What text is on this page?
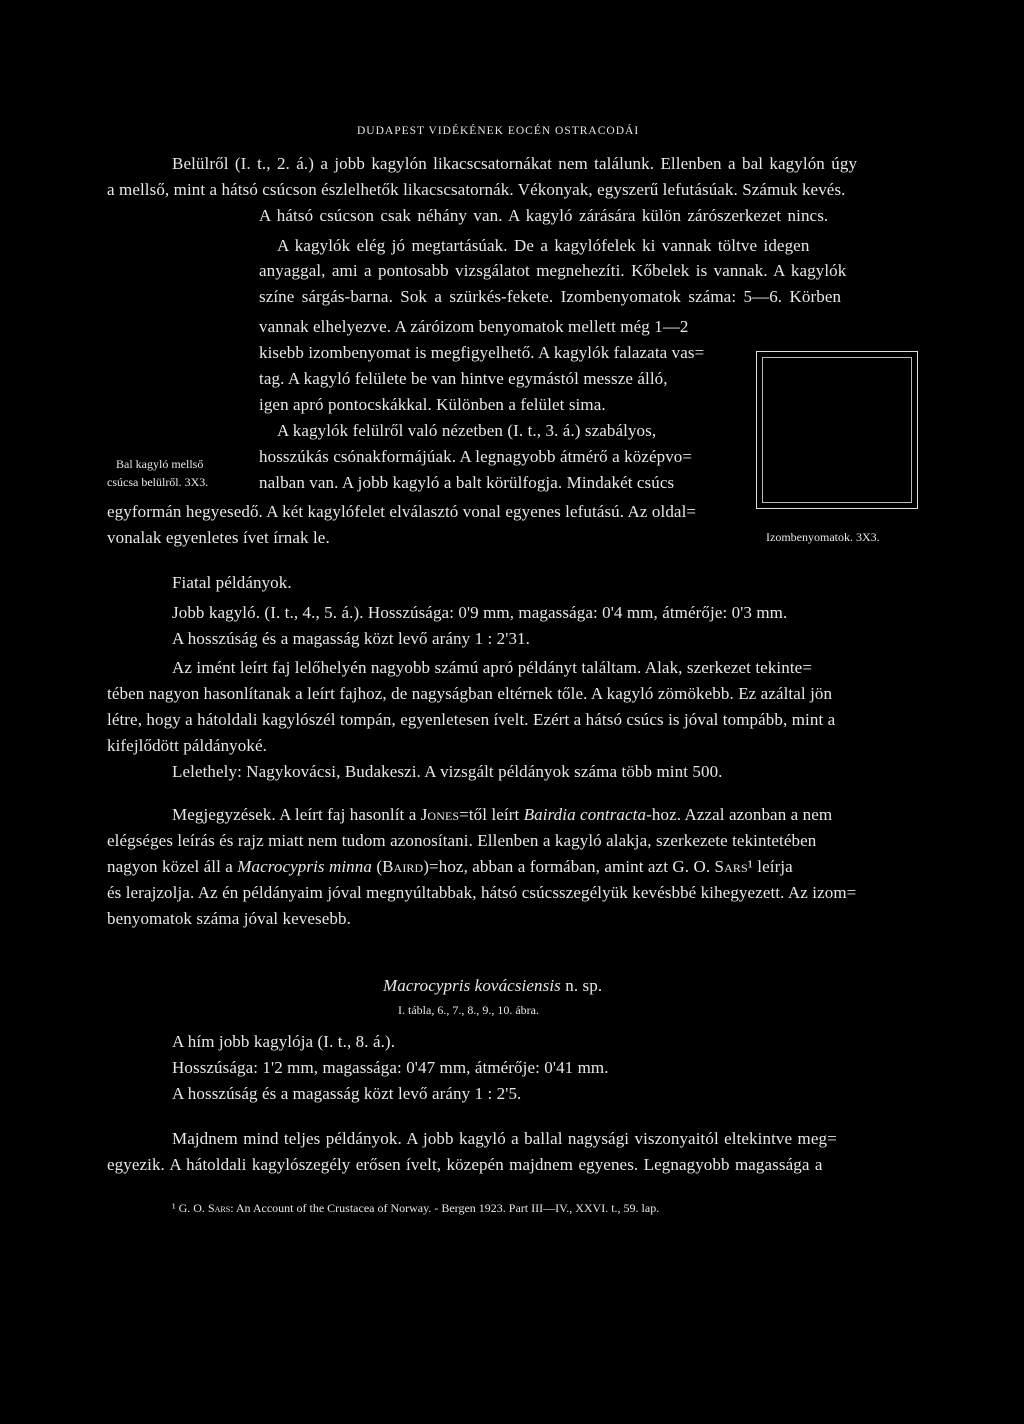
DUDAPEST VIDÉKÉNEK EOCÉN OSTRACODÁI
Belülről (I. t., 2. á.) a jobb kagylón likacscsatornákat nem találunk. Ellenben a bal kagylón úgy
a mellső, mint a hátsó csúcson észlelhetők likacscsatornák. Vékonyak, egyszerű lefutásúak. Számuk kevés.
A hátsó csúcson csak néhány van. A kagyló zárására külön zárószerkezet nincs.
A kagylók elég jó megtartásúak. De a kagylófelek ki vannak töltve idegen
anyaggal, ami a pontosabb vizsgálatot megnehezíti. Kőbelek is vannak. A kagylók
színe sárgás-barna. Sok a szürkés-fekete. Izombenyomatok száma: 5—6. Körben
vannak elhelyezve. A záróizom benyomatok mellett még 1—2
kisebb izombenyomat is megfigyelhető. A kagylók falazata vas=
tag. A kagyló felülete be van hintve egymástól messze álló,
igen apró pontocskákkal. Különben a felület sima.
A kagylók felülről való nézetben (I. t., 3. á.) szabályos,
hosszúkás csónakformájúak. A legnagyobb átmérő a középvo=
nalban van. A jobb kagyló a balt körülfogja. Mindakét csúcs
egyformán hegyesedő. A két kagylófelet elválasztó vonal egyenes lefutású. Az oldal=
vonalak egyenletes ívet írnak le.
Bal kagyló mellső
csúcsa belülről. 3X3.
Izombenyomatok. 3X3.
Fiatal példányok.
Jobb kagyló. (I. t., 4., 5. á.). Hosszúsága: 0'9 mm, magassága: 0'4 mm, átmérője: 0'3 mm.
A hosszúság és a magasság közt levő arány 1 : 2'31.
Az imént leírt faj lelőhelyén nagyobb számú apró példányt találtam. Alak, szerkezet tekinte=
tében nagyon hasonlítanak a leírt fajhoz, de nagyságban eltérnek tőle. A kagyló zömökebb. Ez azáltal jön
létre, hogy a hátoldali kagylószél tompán, egyenletesen ívelt. Ezért a hátsó csúcs is jóval tompább, mint a
kifejlődött páldányoké.
Lelethely: Nagykovácsi, Budakeszi. A vizsgált példányok száma több mint 500.
Megjegyzések. A leírt faj hasonlít a Jones=től leírt Bairdia contracta-hoz. Azzal azonban a nem
elégséges leírás és rajz miatt nem tudom azonosítani. Ellenben a kagyló alakja, szerkezete tekintetében
nagyon közel áll a Macrocypris minna (Baird)=hoz, abban a formában, amint azt G. O. Sars¹ leírja
és lerajzolja. Az én példányaim jóval megnyúltabbak, hátsó csúcsszegélyük kevésbbé kihegyezett. Az izom=
benyomatok száma jóval kevesebb.
Macrocypris kovácsiensis n. sp.
I. tábla, 6., 7., 8., 9., 10. ábra.
A hím jobb kagylója (I. t., 8. á.).
Hosszúsága: 1'2 mm, magassága: 0'47 mm, átmérője: 0'41 mm.
A hosszúság és a magasság közt levő arány 1 : 2'5.
Majdnem mind teljes példányok. A jobb kagyló a ballal nagysági viszonyaitól eltekintve meg=
egyezik. A hátoldali kagylószegély erősen ívelt, közepén majdnem egyenes. Legnagyobb magassága a
¹ G. O. Sars: An Account of the Crustacea of Norway. - Bergen 1923. Part III—IV., XXVI. t., 59. lap.
